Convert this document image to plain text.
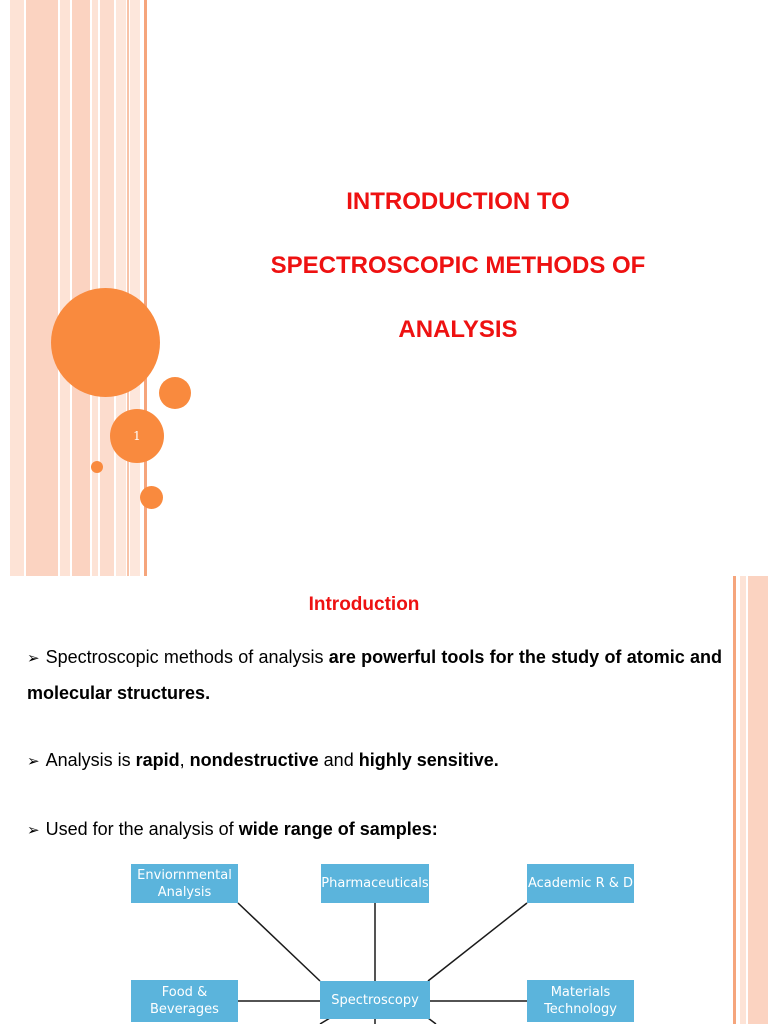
1
INTRODUCTION TO
SPECTROSCOPIC METHODS OF
ANALYSIS
Introduction
➢ Spectroscopic methods of analysis are powerful tools for the study of atomic and molecular structures.
➢ Analysis is rapid, nondestructive and highly sensitive.
➢ Used for the analysis of wide range of samples:
Enviornmental
Analysis
Pharmaceuticals	Academic R & D
Food &
Beverages
Spectroscopy	Materials
Technology
